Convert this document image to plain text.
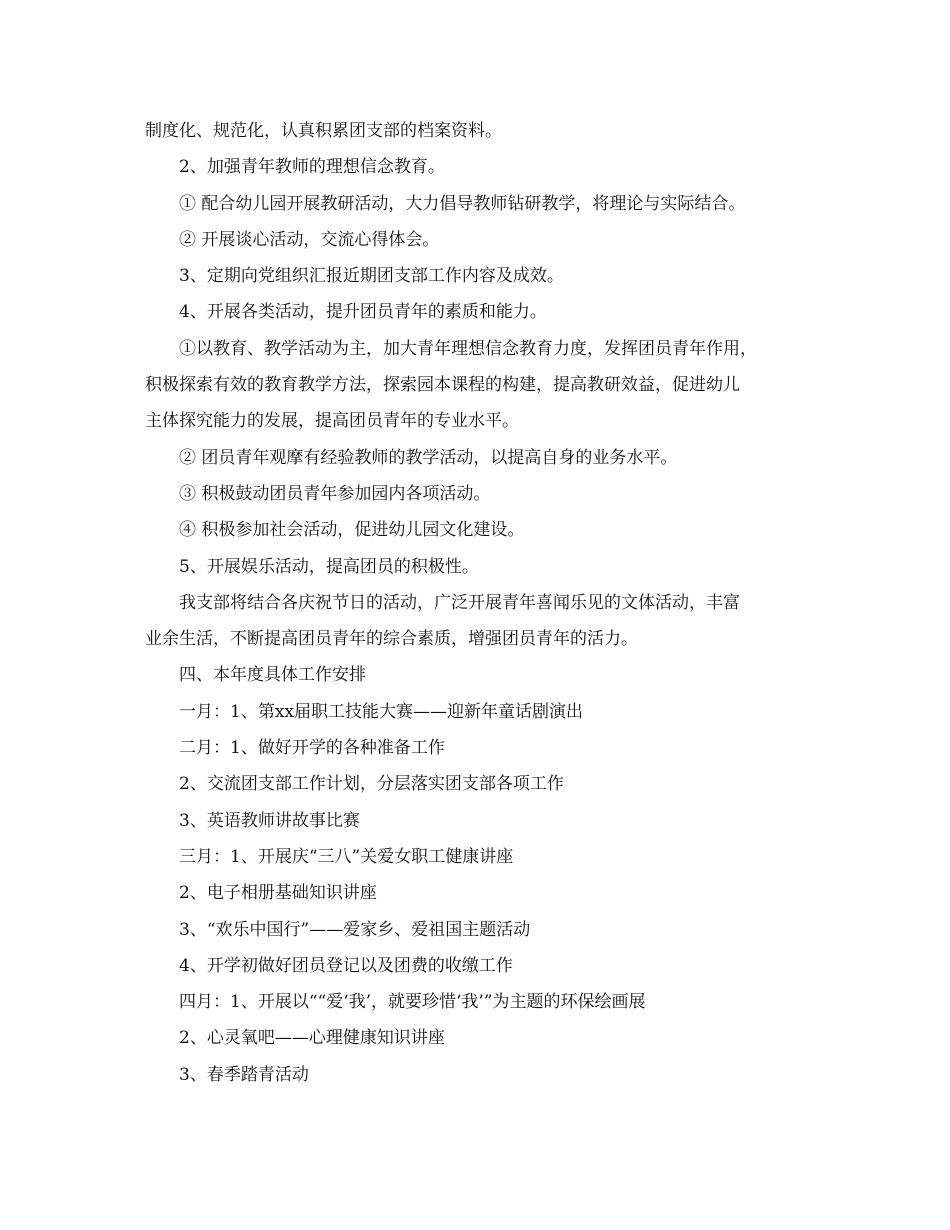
制度化、规范化，认真积累团支部的档案资料。
2、加强青年教师的理想信念教育。
① 配合幼儿园开展教研活动，大力倡导教师钻研教学，将理论与实际结合。
② 开展谈心活动，交流心得体会。
3、定期向党组织汇报近期团支部工作内容及成效。
4、开展各类活动，提升团员青年的素质和能力。
①以教育、教学活动为主，加大青年理想信念教育力度，发挥团员青年作用，
积极探索有效的教育教学方法，探索园本课程的构建，提高教研效益，促进幼儿
主体探究能力的发展，提高团员青年的专业水平。
② 团员青年观摩有经验教师的教学活动，以提高自身的业务水平。
③ 积极鼓动团员青年参加园内各项活动。
④ 积极参加社会活动，促进幼儿园文化建设。
5、开展娱乐活动，提高团员的积极性。
我支部将结合各庆祝节日的活动，广泛开展青年喜闻乐见的文体活动，丰富
业余生活，不断提高团员青年的综合素质，增强团员青年的活力。
四、本年度具体工作安排
一月：1、第xx届职工技能大赛——迎新年童话剧演出
二月：1、做好开学的各种准备工作
2、交流团支部工作计划，分层落实团支部各项工作
3、英语教师讲故事比赛
三月：1、开展庆“三八”关爱女职工健康讲座
2、电子相册基础知识讲座
3、“欢乐中国行”——爱家乡、爱祖国主题活动
4、开学初做好团员登记以及团费的收缴工作
四月：1、开展以““爱‘我’，就要珍惜‘我’”为主题的环保绘画展
2、心灵氧吧——心理健康知识讲座
3、春季踏青活动
